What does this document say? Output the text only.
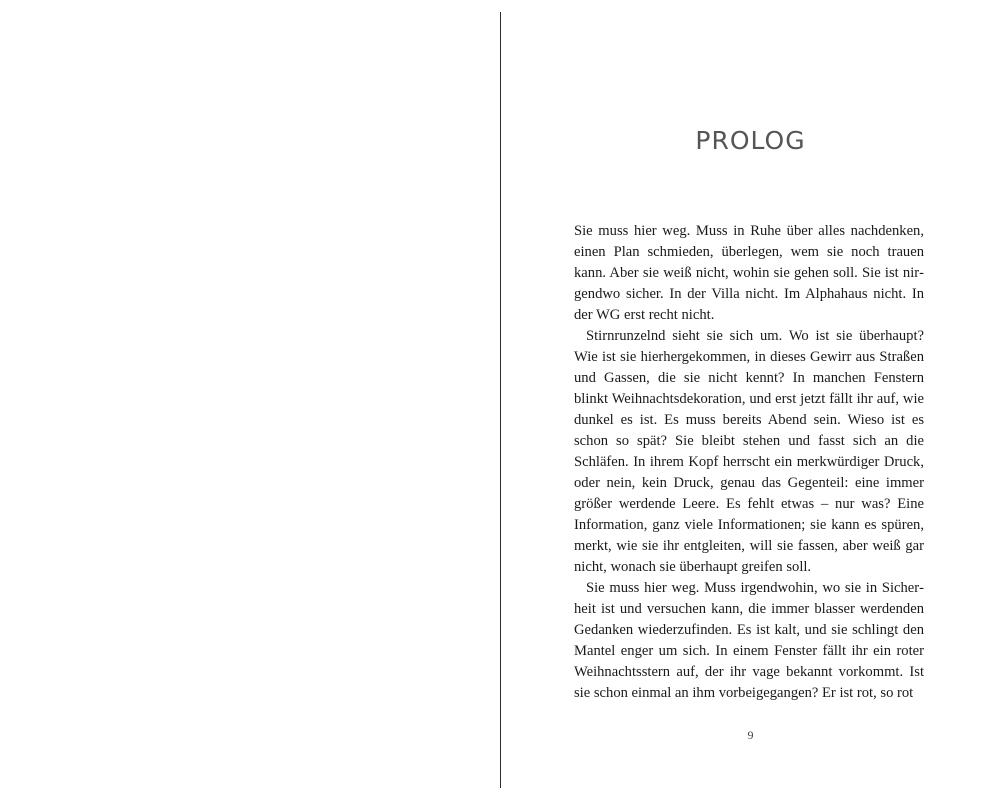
PROLOG

Sie muss hier weg. Muss in Ruhe über alles nachdenken, einen Plan schmieden, überlegen, wem sie noch trauen kann. Aber sie weiß nicht, wohin sie gehen soll. Sie ist nirgendwo sicher. In der Villa nicht. Im Alphahaus nicht. In der WG erst recht nicht.

Stirnrunzelnd sieht sie sich um. Wo ist sie überhaupt? Wie ist sie hierhergekommen, in dieses Gewirr aus Straßen und Gassen, die sie nicht kennt? In manchen Fenstern blinkt Weihnachtsdekoration, und erst jetzt fällt ihr auf, wie dunkel es ist. Es muss bereits Abend sein. Wieso ist es schon so spät? Sie bleibt stehen und fasst sich an die Schläfen. In ihrem Kopf herrscht ein merkwürdiger Druck, oder nein, kein Druck, genau das Gegenteil: eine immer größer werdende Leere. Es fehlt etwas – nur was? Eine Information, ganz viele Informationen; sie kann es spüren, merkt, wie sie ihr entgleiten, will sie fassen, aber weiß gar nicht, wonach sie überhaupt greifen soll.

Sie muss hier weg. Muss irgendwohin, wo sie in Sicherheit ist und versuchen kann, die immer blasser werdenden Gedanken wiederzufinden. Es ist kalt, und sie schlingt den Mantel enger um sich. In einem Fenster fällt ihr ein roter Weihnachtsstern auf, der ihr vage bekannt vorkommt. Ist sie schon einmal an ihm vorbeigegangen? Er ist rot, so rot

9
